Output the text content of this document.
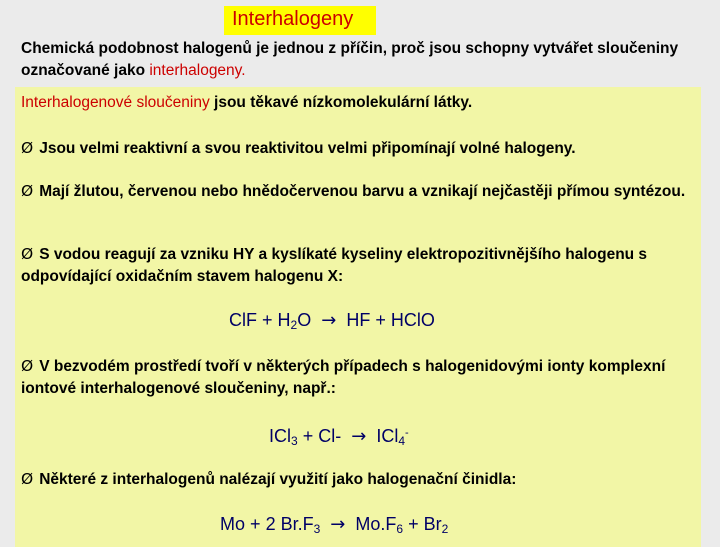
Interhalogeny
Chemická podobnost halogenů je jednou z příčin, proč jsou schopny vytvářet sloučeniny označované jako interhalogeny.
Interhalogenové sloučeniny jsou těkavé nízkomolekulární látky.
Ø Jsou velmi reaktivní a svou reaktivitou velmi připomínají volné halogeny.
Ø Mají žlutou, červenou nebo hnědočervenou barvu a vznikají nejčastěji přímou syntézou.
Ø S vodou reagují za vzniku HY a kyslíkaté kyseliny elektropozitivnějšího halogenu s odpovídající oxidačním stavem halogenu X:
ClF + $H_2O$ → HF + HClO
Ø V bezvodém prostředí tvoří v některých případech s halogenidovými ionty komplexní iontové interhalogenové sloučeniny, např.:
ICl$_3$ + Cl- → ICl$_4$-
Ø Některé z interhalogenů nalézají využití jako halogenační činidla:
Mo + 2 $Br.F_3 \to Mo.F_6 + Br_2$
